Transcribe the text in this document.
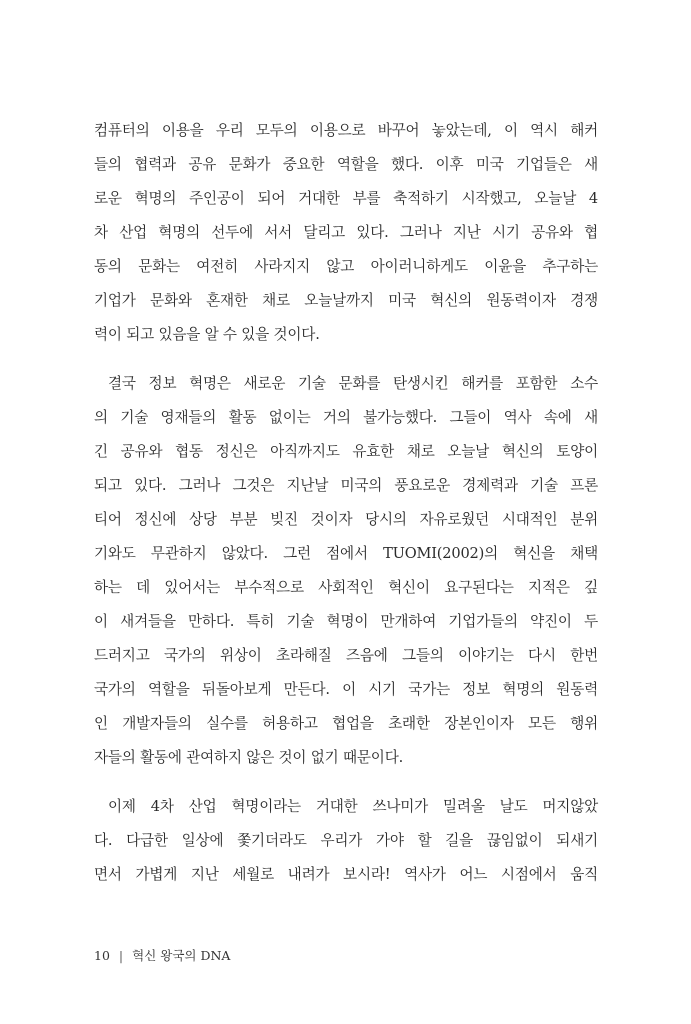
컴퓨터의 이용을 우리 모두의 이용으로 바꾸어 놓았는데, 이 역시 해커
들의 협력과 공유 문화가 중요한 역할을 했다. 이후 미국 기업들은 새
로운 혁명의 주인공이 되어 거대한 부를 축적하기 시작했고, 오늘날 4
차 산업 혁명의 선두에 서서 달리고 있다. 그러나 지난 시기 공유와 협
동의 문화는 여전히 사라지지 않고 아이러니하게도 이윤을 추구하는
기업가 문화와 혼재한 채로 오늘날까지 미국 혁신의 원동력이자 경쟁
력이 되고 있음을 알 수 있을 것이다.
결국 정보 혁명은 새로운 기술 문화를 탄생시킨 해커를 포함한 소수
의 기술 영재들의 활동 없이는 거의 불가능했다. 그들이 역사 속에 새
긴 공유와 협동 정신은 아직까지도 유효한 채로 오늘날 혁신의 토양이
되고 있다. 그러나 그것은 지난날 미국의 풍요로운 경제력과 기술 프론
티어 정신에 상당 부분 빚진 것이자 당시의 자유로웠던 시대적인 분위
기와도 무관하지 않았다. 그런 점에서 TUOMI(2002)의 혁신을 채택
하는 데 있어서는 부수적으로 사회적인 혁신이 요구된다는 지적은 깊
이 새겨들을 만하다. 특히 기술 혁명이 만개하여 기업가들의 약진이 두
드러지고 국가의 위상이 초라해질 즈음에 그들의 이야기는 다시 한번
국가의 역할을 뒤돌아보게 만든다. 이 시기 국가는 정보 혁명의 원동력
인 개발자들의 실수를 허용하고 협업을 초래한 장본인이자 모든 행위
자들의 활동에 관여하지 않은 것이 없기 때문이다.
이제 4차 산업 혁명이라는 거대한 쓰나미가 밀려올 날도 머지않았
다. 다급한 일상에 쫓기더라도 우리가 가야 할 길을 끊임없이 되새기
면서 가볍게 지난 세월로 내려가 보시라! 역사가 어느 시점에서 움직
10 | 혁신 왕국의 DNA
